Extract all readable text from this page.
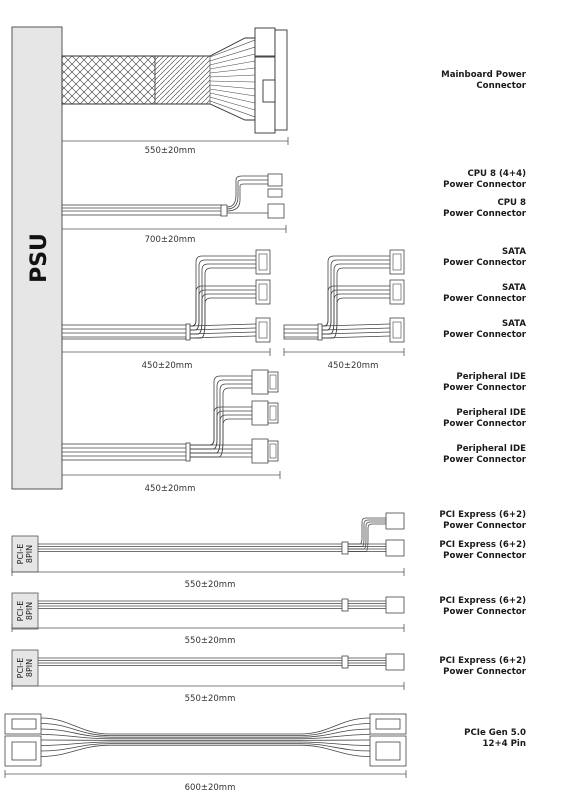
PSU
550±20mm
700±20mm
450±20mm	450±20mm
450±20mm
PCI-E 8PIN
550±20mm
PCI-E 8PIN
550±20mm
PCI-E 8PIN
550±20mm
600±20mm
Mainboard Power
Connector
CPU 8 (4+4)
Power Connector
CPU 8
Power Connector
SATA
Power Connector
SATA
Power Connector
SATA
Power Connector
Peripheral IDE
Power Connector
Peripheral IDE
Power Connector
Peripheral IDE
Power Connector
PCI Express (6+2)
Power Connector
PCI Express (6+2)
Power Connector
PCI Express (6+2)
Power Connector
PCI Express (6+2)
Power Connector
PCIe Gen 5.0
12+4 Pin
